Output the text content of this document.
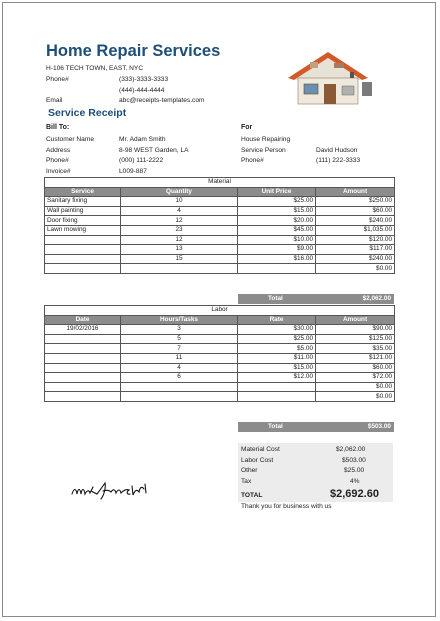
Home Repair Services
H-106 TECH TOWN, EAST. NYC
Phone#	(333)-3333-3333
(444)-444-4444
Email	abc@receipts-templates.com
Service Receipt
Bill To:
Customer Name	Mr. Adam Smith
Address	8-98 WEST Garden, LA
Phone#	(000) 111-2222
Invoice#	L009-887
For
House Repairing
Service Person	David Hudson
Phone#	(111) 222-3333
Material			
Service	Quantity	Unit Price	Amount
Sanitary fixing	10	$25.00	$250.00
Wall painting	4	$15.00	$60.00
Door fixing	12	$20.00	$240.00
Lawn mowing	23	$45.00	$1,035.00
	12	$10.00	$120.00
	13	$9.00	$117.00
	15	$16.00	$240.00
			$0.00
Total	$2,062.00
Labor			
Date	Hours/Tasks	Rate	Amount
19/02/2016	3	$30.00	$90.00
	5	$25.00	$125.00
	7	$5.00	$35.00
	11	$11.00	$121.00
	4	$15.00	$60.00
	6	$12.00	$72.00
			$0.00
			$0.00
Total	$503.00
Material Cost	$2,062.00
Labor Cost	$503.00
Other	$25.00
Tax	4%
TOTAL	$2,692.60
Thank you for business with us
